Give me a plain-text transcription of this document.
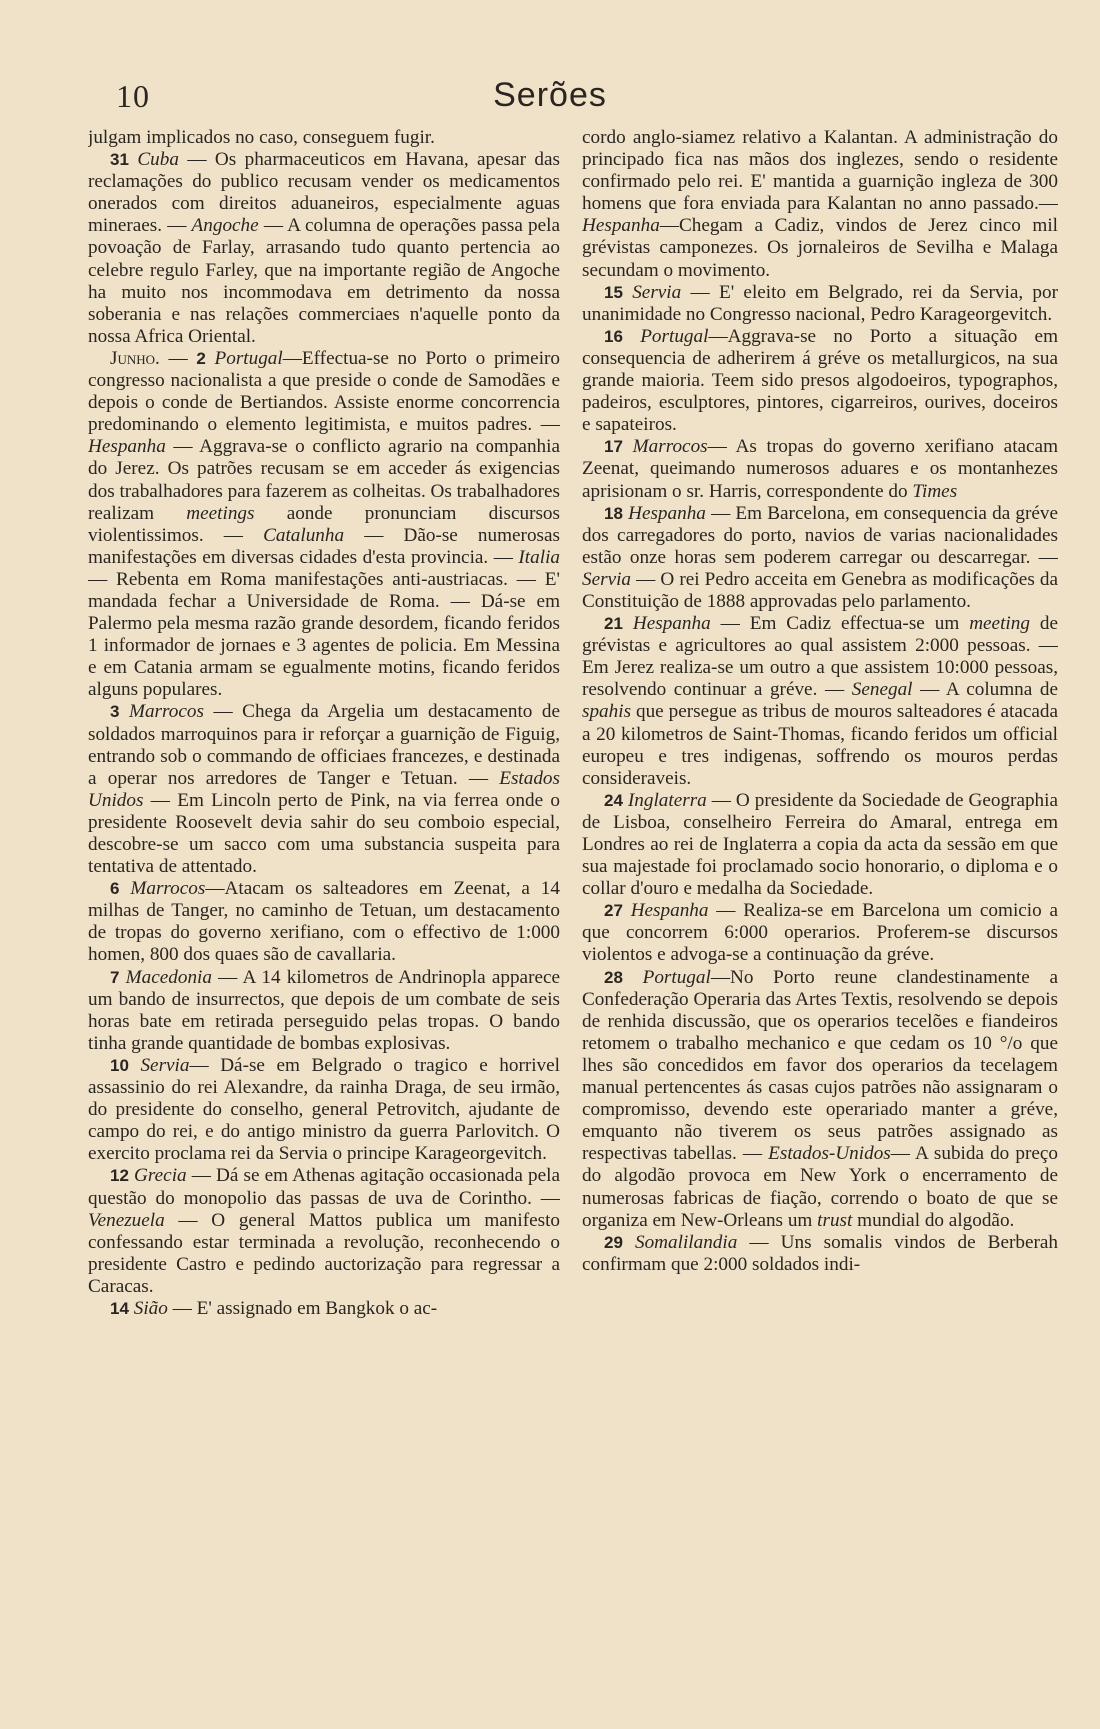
10	Serões

julgam implicados no caso, conseguem fugir.

31 Cuba — Os pharmaceuticos em Havana, apesar das reclamações do publico recusam vender os medicamentos onerados com direitos aduaneiros, especialmente aguas mineraes. — Angoche — A columna de operações passa pela povoação de Farlay, arrasando tudo quanto pertencia ao celebre regulo Farley, que na importante região de Angoche ha muito nos incommodava em detrimento da nossa soberania e nas relações commerciaes n'aquelle ponto da nossa Africa Oriental.

Junho. — 2 Portugal—Effectua-se no Porto o primeiro congresso nacionalista a que preside o conde de Samodães e depois o conde de Bertiandos. Assiste enorme concorrencia predominando o elemento legitimista, e muitos padres. — Hespanha — Aggrava-se o conflicto agrario na companhia do Jerez. Os patrões recusam se em acceder ás exigencias dos trabalhadores para fazerem as colheitas. Os trabalhadores realizam meetings aonde pronunciam discursos violentissimos. — Catalunha — Dão-se numerosas manifestações em diversas cidades d'esta provincia. — Italia — Rebenta em Roma manifestações anti-austriacas. — E' mandada fechar a Universidade de Roma. — Dá-se em Palermo pela mesma razão grande desordem, ficando feridos 1 informador de jornaes e 3 agentes de policia. Em Messina e em Catania armam se egualmente motins, ficando feridos alguns populares.

3 Marrocos — Chega da Argelia um destacamento de soldados marroquinos para ir reforçar a guarnição de Figuig, entrando sob o commando de officiaes francezes, e destinada a operar nos arredores de Tanger e Tetuan. — Estados Unidos — Em Lincoln perto de Pink, na via ferrea onde o presidente Roosevelt devia sahir do seu comboio especial, descobre-se um sacco com uma substancia suspeita para tentativa de attentado.

6 Marrocos—Atacam os salteadores em Zeenat, a 14 milhas de Tanger, no caminho de Tetuan, um destacamento de tropas do governo xerifiano, com o effectivo de 1:000 homen, 800 dos quaes são de cavallaria.

7 Macedonia — A 14 kilometros de Andrinopla apparece um bando de insurrectos, que depois de um combate de seis horas bate em retirada perseguido pelas tropas. O bando tinha grande quantidade de bombas explosivas.

10 Servia— Dá-se em Belgrado o tragico e horrivel assassinio do rei Alexandre, da rainha Draga, de seu irmão, do presidente do conselho, general Petrovitch, ajudante de campo do rei, e do antigo ministro da guerra Parlovitch. O exercito proclama rei da Servia o principe Karageorgevitch.

12 Grecia — Dá se em Athenas agitação occasionada pela questão do monopolio das passas de uva de Corintho. — Venezuela — O general Mattos publica um manifesto confessando estar terminada a revolução, reconhecendo o presidente Castro e pedindo auctorização para regressar a Caracas.

14 Sião — E' assignado em Bangkok o ac-

cordo anglo-siamez relativo a Kalantan. A administração do principado fica nas mãos dos inglezes, sendo o residente confirmado pelo rei. E' mantida a guarnição ingleza de 300 homens que fora enviada para Kalantan no anno passado.—Hespanha—Chegam a Cadiz, vindos de Jerez cinco mil grévistas camponezes. Os jornaleiros de Sevilha e Malaga secundam o movimento.

15 Servia — E' eleito em Belgrado, rei da Servia, por unanimidade no Congresso nacional, Pedro Karageorgevitch.

16 Portugal—Aggrava-se no Porto a situação em consequencia de adherirem á gréve os metallurgicos, na sua grande maioria. Teem sido presos algodoeiros, typographos, padeiros, esculptores, pintores, cigarreiros, ourives, doceiros e sapateiros.

17 Marrocos— As tropas do governo xerifiano atacam Zeenat, queimando numerosos aduares e os montanhezes aprisionam o sr. Harris, correspondente do Times

18 Hespanha — Em Barcelona, em consequencia da gréve dos carregadores do porto, navios de varias nacionalidades estão onze horas sem poderem carregar ou descarregar. — Servia — O rei Pedro acceita em Genebra as modificações da Constituição de 1888 approvadas pelo parlamento.

21 Hespanha — Em Cadiz effectua-se um meeting de grévistas e agricultores ao qual assistem 2:000 pessoas. — Em Jerez realiza-se um outro a que assistem 10:000 pessoas, resolvendo continuar a gréve. — Senegal — A columna de spahis que persegue as tribus de mouros salteadores é atacada a 20 kilometros de Saint-Thomas, ficando feridos um official europeu e tres indigenas, soffrendo os mouros perdas consideraveis.

24 Inglaterra — O presidente da Sociedade de Geographia de Lisboa, conselheiro Ferreira do Amaral, entrega em Londres ao rei de Inglaterra a copia da acta da sessão em que sua majestade foi proclamado socio honorario, o diploma e o collar d'ouro e medalha da Sociedade.

27 Hespanha — Realiza-se em Barcelona um comicio a que concorrem 6:000 operarios. Proferem-se discursos violentos e advoga-se a continuação da gréve.

28 Portugal—No Porto reune clandestinamente a Confederação Operaria das Artes Textis, resolvendo se depois de renhida discussão, que os operarios tecelões e fiandeiros retomem o trabalho mechanico e que cedam os 10 °/o que lhes são concedidos em favor dos operarios da tecelagem manual pertencentes ás casas cujos patrões não assignaram o compromisso, devendo este operariado manter a gréve, emquanto não tiverem os seus patrões assignado as respectivas tabellas. — Estados-Unidos— A subida do preço do algodão provoca em New York o encerramento de numerosas fabricas de fiação, correndo o boato de que se organiza em New-Orleans um trust mundial do algodão.

29 Somalilandia — Uns somalis vindos de Berberah confirmam que 2:000 soldados indi-
